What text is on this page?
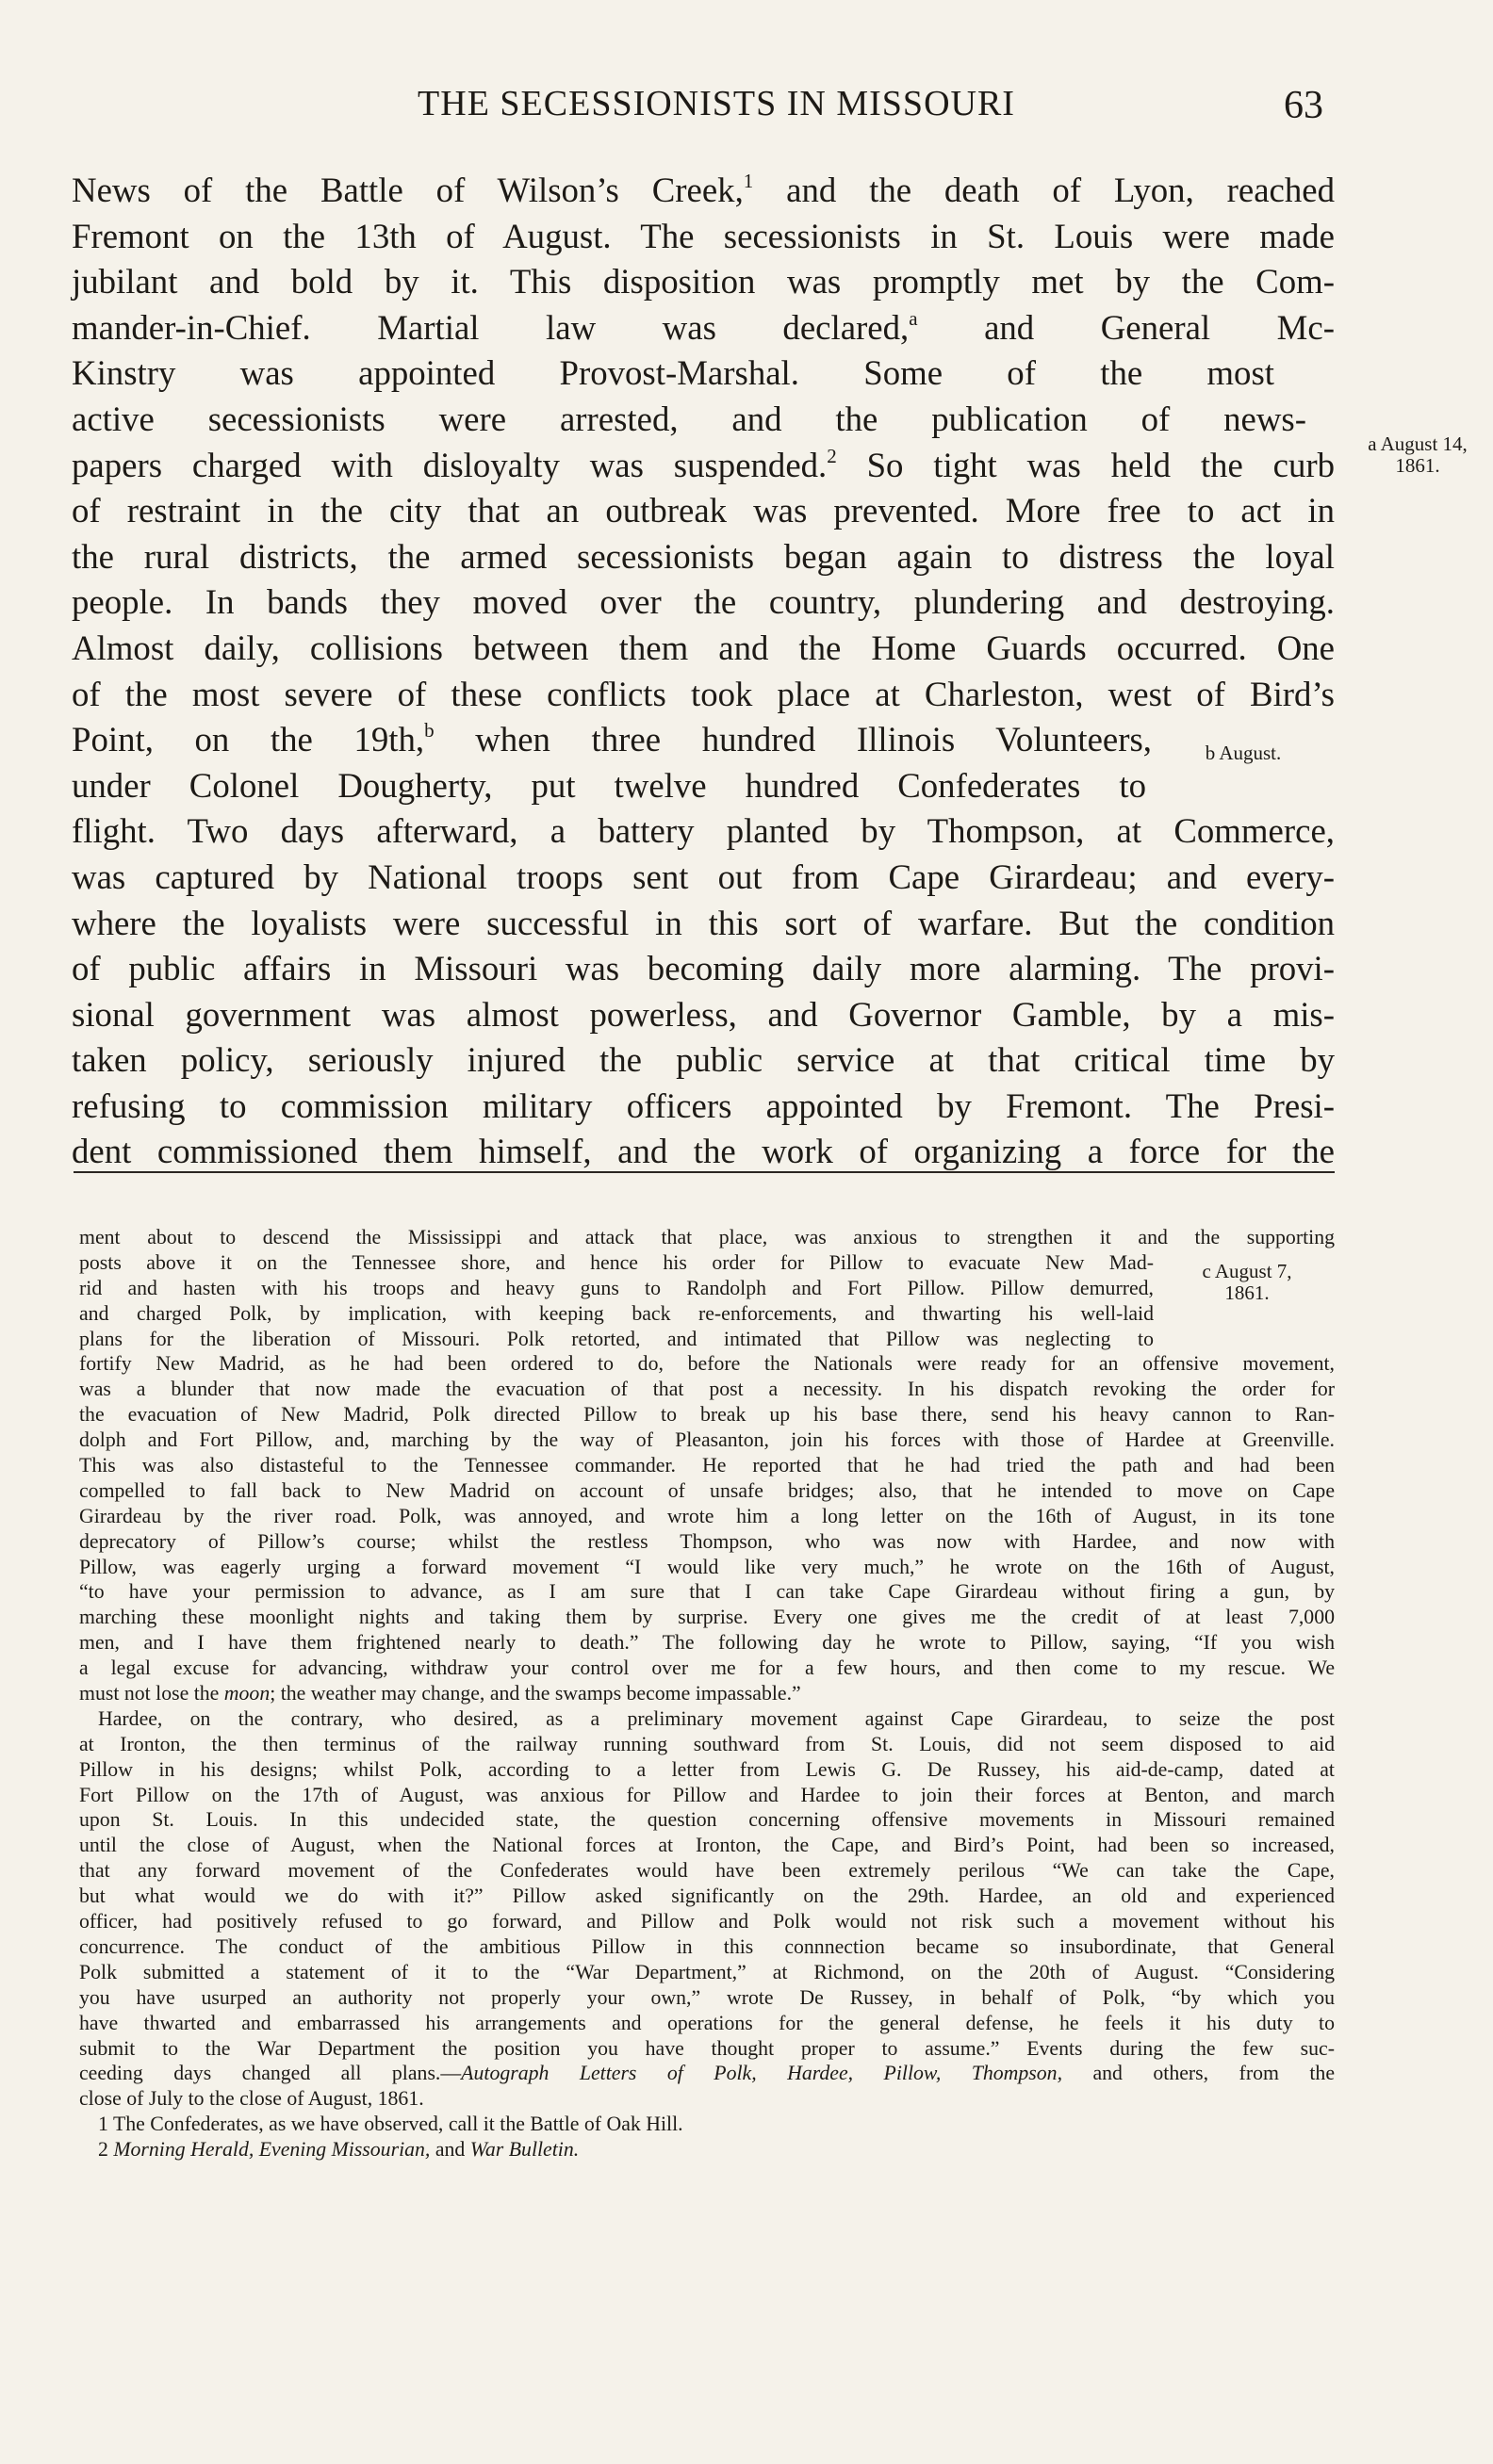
THE SECESSIONISTS IN MISSOURI	63
News of the Battle of Wilson’s Creek,$^1$ and the death of Lyon, reached
Fremont on the 13th of August. The secessionists in St. Louis were made
jubilant and bold by it. This disposition was promptly met by the Com-
mander-in-Chief. Martial law was declared,$^a$ and General Mc-
Kinstry was appointed Provost-Marshal. Some of the most
active secessionists were arrested, and the publication of news-
papers charged with disloyalty was suspended.$^2$ So tight was held the curb
of restraint in the city that an outbreak was prevented. More free to act in
the rural districts, the armed secessionists began again to distress the loyal
people. In bands they moved over the country, plundering and destroying.
Almost daily, collisions between them and the Home Guards occurred. One
of the most severe of these conflicts took place at Charleston, west of Bird’s
Point, on the 19th,$^b$ when three hundred Illinois Volunteers,
under Colonel Dougherty, put twelve hundred Confederates to
flight. Two days afterward, a battery planted by Thompson, at Commerce,
was captured by National troops sent out from Cape Girardeau; and every-
where the loyalists were successful in this sort of warfare. But the condition
of public affairs in Missouri was becoming daily more alarming. The provi-
sional government was almost powerless, and Governor Gamble, by a mis-
taken policy, seriously injured the public service at that critical time by
refusing to commission military officers appointed by Fremont. The Presi-
dent commissioned them himself, and the work of organizing a force for the
a August 14, 1861.
b August.
c August 7, 1861.
ment about to descend the Mississippi and attack that place, was anxious to strengthen it and the supporting
posts above it on the Tennessee shore, and hence his order for Pillow to evacuate New Mad-
rid and hasten with his troops and heavy guns to Randolph and Fort Pillow. Pillow demurred,
and charged Polk, by implication, with keeping back re-enforcements, and thwarting his well-laid
plans for the liberation of Missouri. Polk retorted, and intimated that Pillow was neglecting to
fortify New Madrid, as he had been ordered to do, before the Nationals were ready for an offensive movement,
was a blunder that now made the evacuation of that post a necessity. In his dispatch revoking the order for
the evacuation of New Madrid, Polk directed Pillow to break up his base there, send his heavy cannon to Ran-
dolph and Fort Pillow, and, marching by the way of Pleasanton, join his forces with those of Hardee at Greenville.
This was also distasteful to the Tennessee commander. He reported that he had tried the path and had been
compelled to fall back to New Madrid on account of unsafe bridges; also, that he intended to move on Cape
Girardeau by the river road. Polk, was annoyed, and wrote him a long letter on the 16th of August, in its tone
deprecatory of Pillow’s course; whilst the restless Thompson, who was now with Hardee, and now with
Pillow, was eagerly urging a forward movement “I would like very much,” he wrote on the 16th of August,
“to have your permission to advance, as I am sure that I can take Cape Girardeau without firing a gun, by
marching these moonlight nights and taking them by surprise. Every one gives me the credit of at least 7,000
men, and I have them frightened nearly to death.” The following day he wrote to Pillow, saying, “If you wish
a legal excuse for advancing, withdraw your control over me for a few hours, and then come to my rescue. We
must not lose the moon; the weather may change, and the swamps become impassable.”
Hardee, on the contrary, who desired, as a preliminary movement against Cape Girardeau, to seize the post
at Ironton, the then terminus of the railway running southward from St. Louis, did not seem disposed to aid
Pillow in his designs; whilst Polk, according to a letter from Lewis G. De Russey, his aid-de-camp, dated at
Fort Pillow on the 17th of August, was anxious for Pillow and Hardee to join their forces at Benton, and march
upon St. Louis. In this undecided state, the question concerning offensive movements in Missouri remained
until the close of August, when the National forces at Ironton, the Cape, and Bird’s Point, had been so increased,
that any forward movement of the Confederates would have been extremely perilous “We can take the Cape,
but what would we do with it?” Pillow asked significantly on the 29th. Hardee, an old and experienced
officer, had positively refused to go forward, and Pillow and Polk would not risk such a movement without his
concurrence. The conduct of the ambitious Pillow in this connnection became so insubordinate, that General
Polk submitted a statement of it to the “War Department,” at Richmond, on the 20th of August. “Considering
you have usurped an authority not properly your own,” wrote De Russey, in behalf of Polk, “by which you
have thwarted and embarrassed his arrangements and operations for the general defense, he feels it his duty to
submit to the War Department the position you have thought proper to assume.” Events during the few suc-
ceeding days changed all plans.—Autograph Letters of Polk, Hardee, Pillow, Thompson, and others, from the
close of July to the close of August, 1861.
1 The Confederates, as we have observed, call it the Battle of Oak Hill.
2 Morning Herald, Evening Missourian, and War Bulletin.
